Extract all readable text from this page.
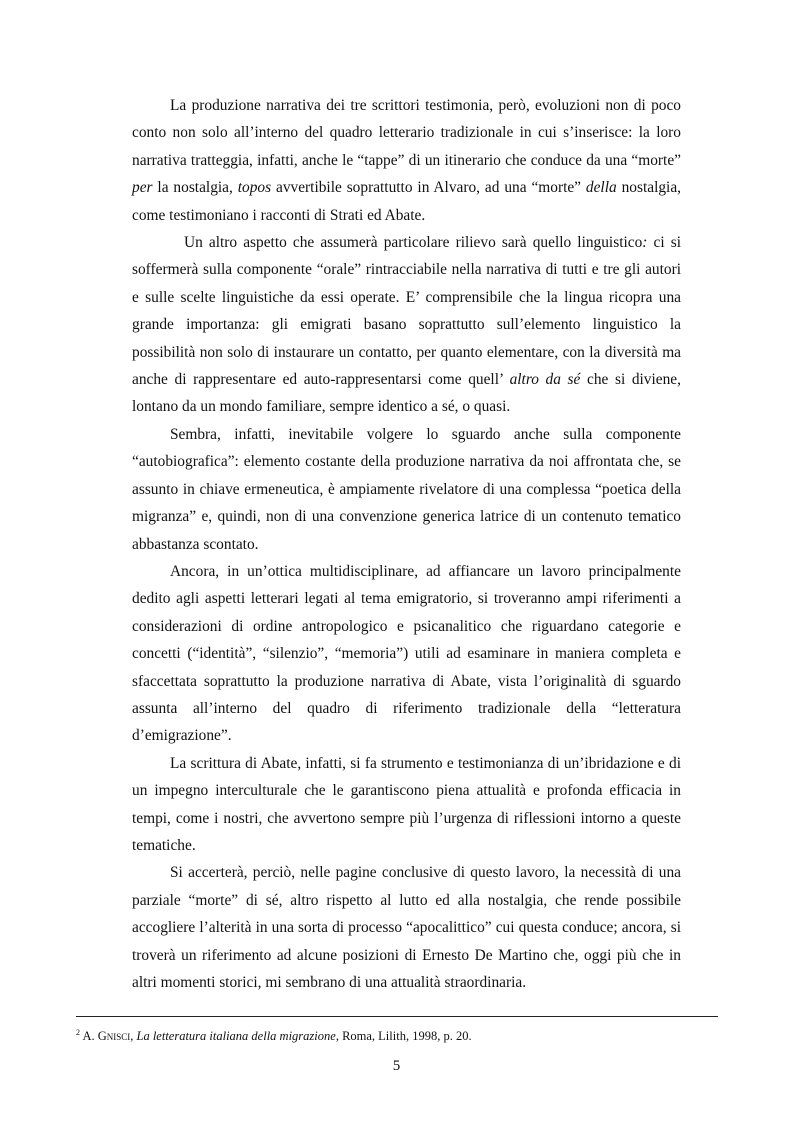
La produzione narrativa dei tre scrittori testimonia, però, evoluzioni non di poco conto non solo all’interno del quadro letterario tradizionale in cui s’inserisce: la loro narrativa tratteggia, infatti, anche le “tappe” di un itinerario che conduce da una “morte” per la nostalgia, topos avvertibile soprattutto in Alvaro, ad una “morte” della nostalgia, come testimoniano i racconti di Strati ed Abate.

Un altro aspetto che assumerà particolare rilievo sarà quello linguistico: ci si soffermerà sulla componente “orale” rintracciabile nella narrativa di tutti e tre gli autori e sulle scelte linguistiche da essi operate. E’ comprensibile che la lingua ricopra una grande importanza: gli emigrati basano soprattutto sull’elemento linguistico la possibilità non solo di instaurare un contatto, per quanto elementare, con la diversità ma anche di rappresentare ed auto-rappresentarsi come quell’ altro da sé che si diviene, lontano da un mondo familiare, sempre identico a sé, o quasi.

Sembra, infatti, inevitabile volgere lo sguardo anche sulla componente “autobiografica”: elemento costante della produzione narrativa da noi affrontata che, se assunto in chiave ermeneutica, è ampiamente rivelatore di una complessa “poetica della migranza” e, quindi, non di una convenzione generica latrice di un contenuto tematico abbastanza scontato.

Ancora, in un’ottica multidisciplinare, ad affiancare un lavoro principalmente dedito agli aspetti letterari legati al tema emigratorio, si troveranno ampi riferimenti a considerazioni di ordine antropologico e psicanalitico che riguardano categorie e concetti (“identità”, “silenzio”, “memoria”) utili ad esaminare in maniera completa e sfaccettata soprattutto la produzione narrativa di Abate, vista l’originalità di sguardo assunta all’interno del quadro di riferimento tradizionale della “letteratura d’emigrazione”.

La scrittura di Abate, infatti, si fa strumento e testimonianza di un’ibridazione e di un impegno interculturale che le garantiscono piena attualità e profonda efficacia in tempi, come i nostri, che avvertono sempre più l’urgenza di riflessioni intorno a queste tematiche.

Si accerterà, perciò, nelle pagine conclusive di questo lavoro, la necessità di una parziale “morte” di sé, altro rispetto al lutto ed alla nostalgia, che rende possibile accogliere l’alterità in una sorta di processo “apocalittico” cui questa conduce; ancora, si troverà un riferimento ad alcune posizioni di Ernesto De Martino che, oggi più che in altri momenti storici, mi sembrano di una attualità straordinaria.

$^2$ A. Gnisci, La letteratura italiana della migrazione, Roma, Lilith, 1998, p. 20.
5
